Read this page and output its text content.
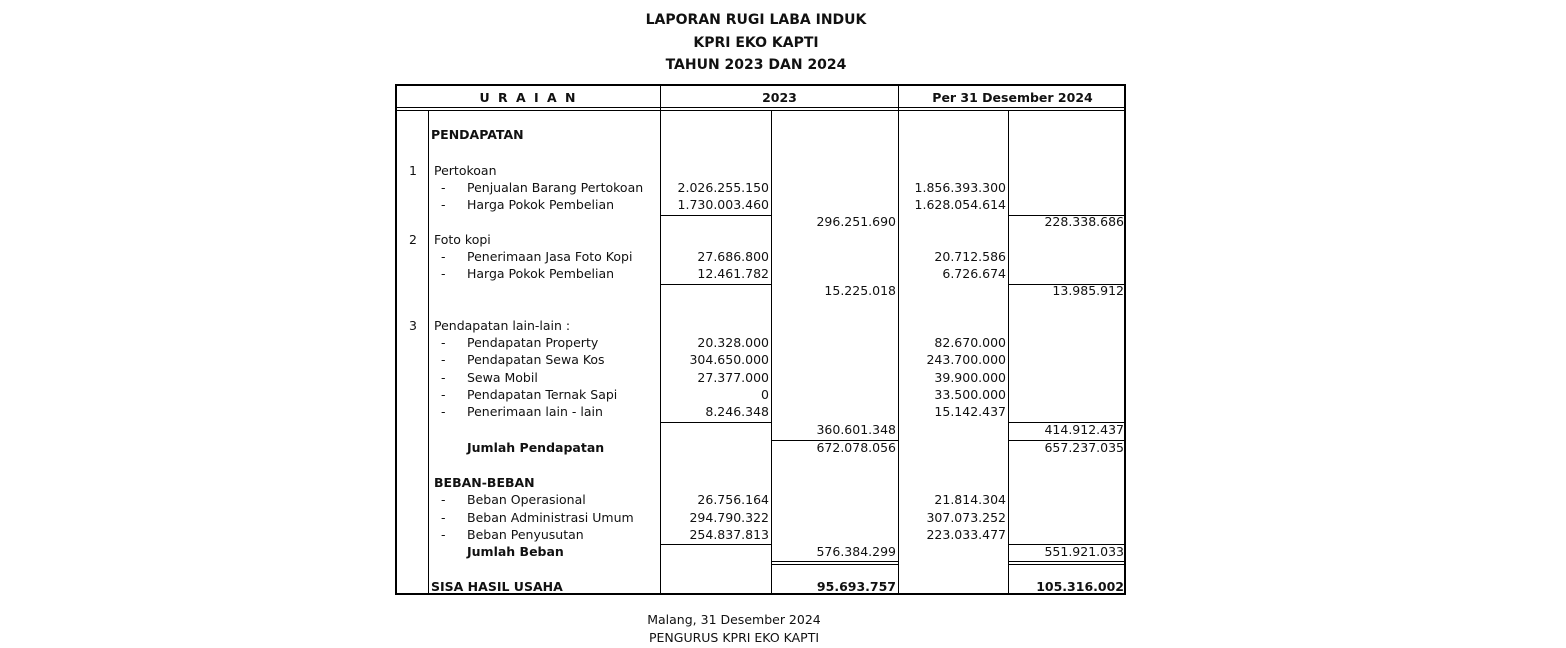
LAPORAN RUGI LABA INDUK
KPRI EKO KAPTI
TAHUN 2023 DAN 2024
U R A I A N	2023	Per 31 Desember 2024
PENDAPATAN
1 Pertokoan
- Penjualan Barang Pertokoan	2.026.255.150	1.856.393.300
- Harga Pokok Pembelian	1.730.003.460	1.628.054.614
296.251.690	228.338.686
2 Foto kopi
- Penerimaan Jasa Foto Kopi	27.686.800	20.712.586
- Harga Pokok Pembelian	12.461.782	6.726.674
15.225.018	13.985.912
3 Pendapatan lain-lain :
- Pendapatan Property	20.328.000	82.670.000
- Pendapatan Sewa Kos	304.650.000	243.700.000
- Sewa Mobil	27.377.000	39.900.000
- Pendapatan Ternak Sapi	0	33.500.000
- Penerimaan lain - lain	8.246.348	15.142.437
360.601.348	414.912.437
Jumlah Pendapatan	672.078.056	657.237.035
BEBAN-BEBAN
- Beban Operasional	26.756.164	21.814.304
- Beban Administrasi Umum	294.790.322	307.073.252
- Beban Penyusutan	254.837.813	223.033.477
Jumlah Beban	576.384.299	551.921.033
SISA HASIL USAHA	95.693.757	105.316.002
Malang, 31 Desember 2024
PENGURUS KPRI EKO KAPTI
